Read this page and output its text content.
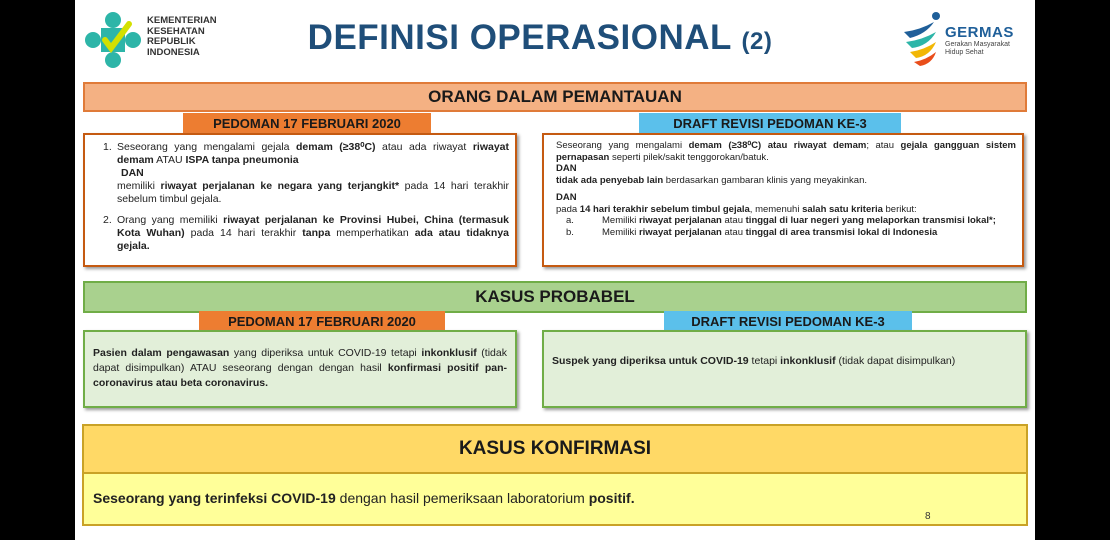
KEMENTERIAN
KESEHATAN
REPUBLIK
INDONESIA	DEFINISI OPERASIONAL (2)	GERMAS
Gerakan Masyarakat
Hidup Sehat
ORANG DALAM PEMANTAUAN
PEDOMAN 17 FEBRUARI 2020	DRAFT REVISI PEDOMAN KE-3
1. Seseorang yang mengalami gejala demam (≥38⁰C) atau ada riwayat riwayat demam ATAU ISPA tanpa pneumonia
DAN
memiliki riwayat perjalanan ke negara yang terjangkit* pada 14 hari terakhir sebelum timbul gejala.
2. Orang yang memiliki riwayat perjalanan ke Provinsi Hubei, China (termasuk Kota Wuhan) pada 14 hari terakhir tanpa memperhatikan ada atau tidaknya gejala.
Seseorang yang mengalami demam (≥38⁰C) atau riwayat demam; atau gejala gangguan sistem pernapasan seperti pilek/sakit tenggorokan/batuk.
DAN
tidak ada penyebab lain berdasarkan gambaran klinis yang meyakinkan.
DAN
pada 14 hari terakhir sebelum timbul gejala, memenuhi salah satu kriteria berikut:
a.	Memiliki riwayat perjalanan atau tinggal di luar negeri yang melaporkan transmisi lokal*;
b.	Memiliki riwayat perjalanan atau tinggal di area transmisi lokal di Indonesia
KASUS PROBABEL
PEDOMAN 17 FEBRUARI 2020	DRAFT REVISI PEDOMAN KE-3
Pasien dalam pengawasan yang diperiksa untuk COVID-19 tetapi inkonklusif (tidak dapat disimpulkan) ATAU seseorang dengan dengan hasil konfirmasi positif pan-coronavirus atau beta coronavirus.
Suspek yang diperiksa untuk COVID-19 tetapi inkonklusif (tidak dapat disimpulkan)
KASUS KONFIRMASI
Seseorang yang terinfeksi COVID-19 dengan hasil pemeriksaan laboratorium positif.
8
